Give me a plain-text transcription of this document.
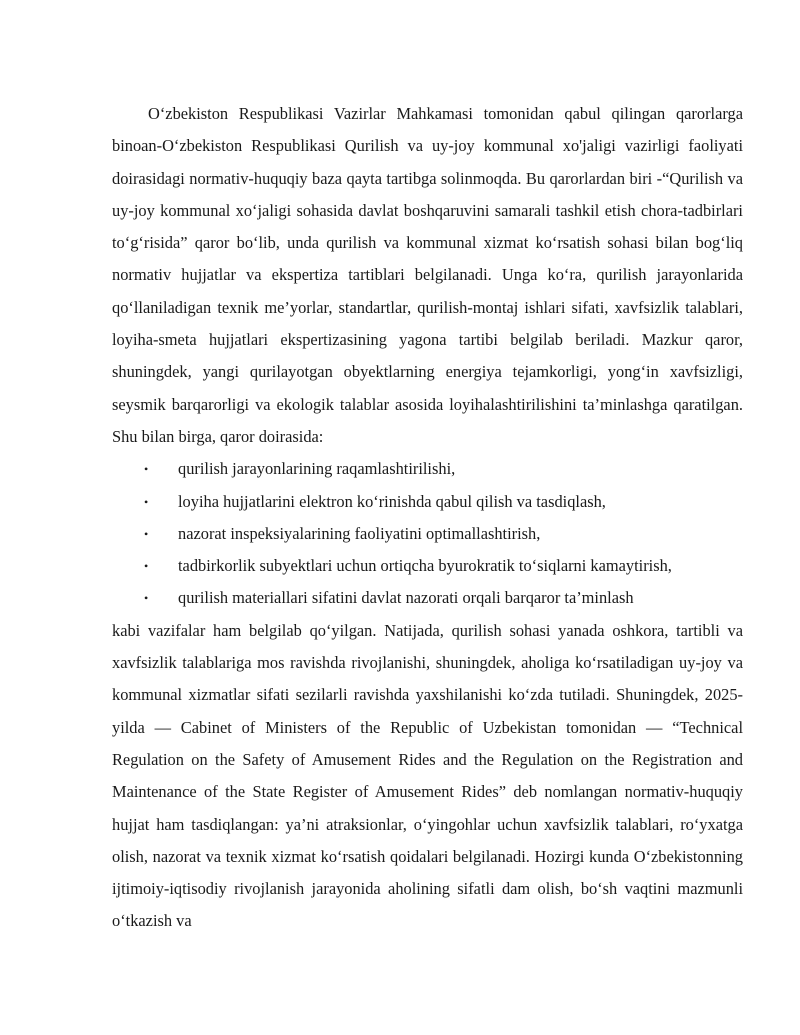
O‘zbekiston Respublikasi Vazirlar Mahkamasi tomonidan qabul qilingan qarorlarga binoan-O‘zbekiston Respublikasi Qurilish va uy-joy kommunal xo'jaligi vazirligi faoliyati doirasidagi normativ-huquqiy baza qayta tartibga solinmoqda. Bu qarorlardan biri -“Qurilish va uy-joy kommunal xo‘jaligi sohasida davlat boshqaruvini samarali tashkil etish chora-tadbirlari to‘g‘risida” qaror bo‘lib, unda qurilish va kommunal xizmat ko‘rsatish sohasi bilan bog‘liq normativ hujjatlar va ekspertiza tartiblari belgilanadi. Unga ko‘ra, qurilish jarayonlarida qo‘llaniladigan texnik me’yorlar, standartlar, qurilish-montaj ishlari sifati, xavfsizlik talablari, loyiha-smeta hujjatlari ekspertizasining yagona tartibi belgilab beriladi. Mazkur qaror, shuningdek, yangi qurilayotgan obyektlarning energiya tejamkorligi, yong‘in xavfsizligi, seysmik barqarorligi va ekologik talablar asosida loyihalashtirilishini ta’minlashga qaratilgan. Shu bilan birga, qaror doirasida:

• qurilish jarayonlarining raqamlashtirilishi,
• loyiha hujjatlarini elektron ko‘rinishda qabul qilish va tasdiqlash,
• nazorat inspeksiyalarining faoliyatini optimallashtirish,
• tadbirkorlik subyektlari uchun ortiqcha byurokratik to‘siqlarni kamaytirish,
• qurilish materiallari sifatini davlat nazorati orqali barqaror ta’minlash

kabi vazifalar ham belgilab qo‘yilgan. Natijada, qurilish sohasi yanada oshkora, tartibli va xavfsizlik talablariga mos ravishda rivojlanishi, shuningdek, aholiga ko‘rsatiladigan uy-joy va kommunal xizmatlar sifati sezilarli ravishda yaxshilanishi ko‘zda tutiladi. Shuningdek, 2025-yilda — Cabinet of Ministers of the Republic of Uzbekistan tomonidan — “Technical Regulation on the Safety of Amusement Rides and the Regulation on the Registration and Maintenance of the State Register of Amusement Rides” deb nomlangan normativ-huquqiy hujjat ham tasdiqlangan: ya’ni atraksionlar, o‘yingohlar uchun xavfsizlik talablari, ro‘yxatga olish, nazorat va texnik xizmat ko‘rsatish qoidalari belgilanadi. Hozirgi kunda O‘zbekistonning ijtimoiy-iqtisodiy rivojlanish jarayonida aholining sifatli dam olish, bo‘sh vaqtini mazmunli o‘tkazish va
